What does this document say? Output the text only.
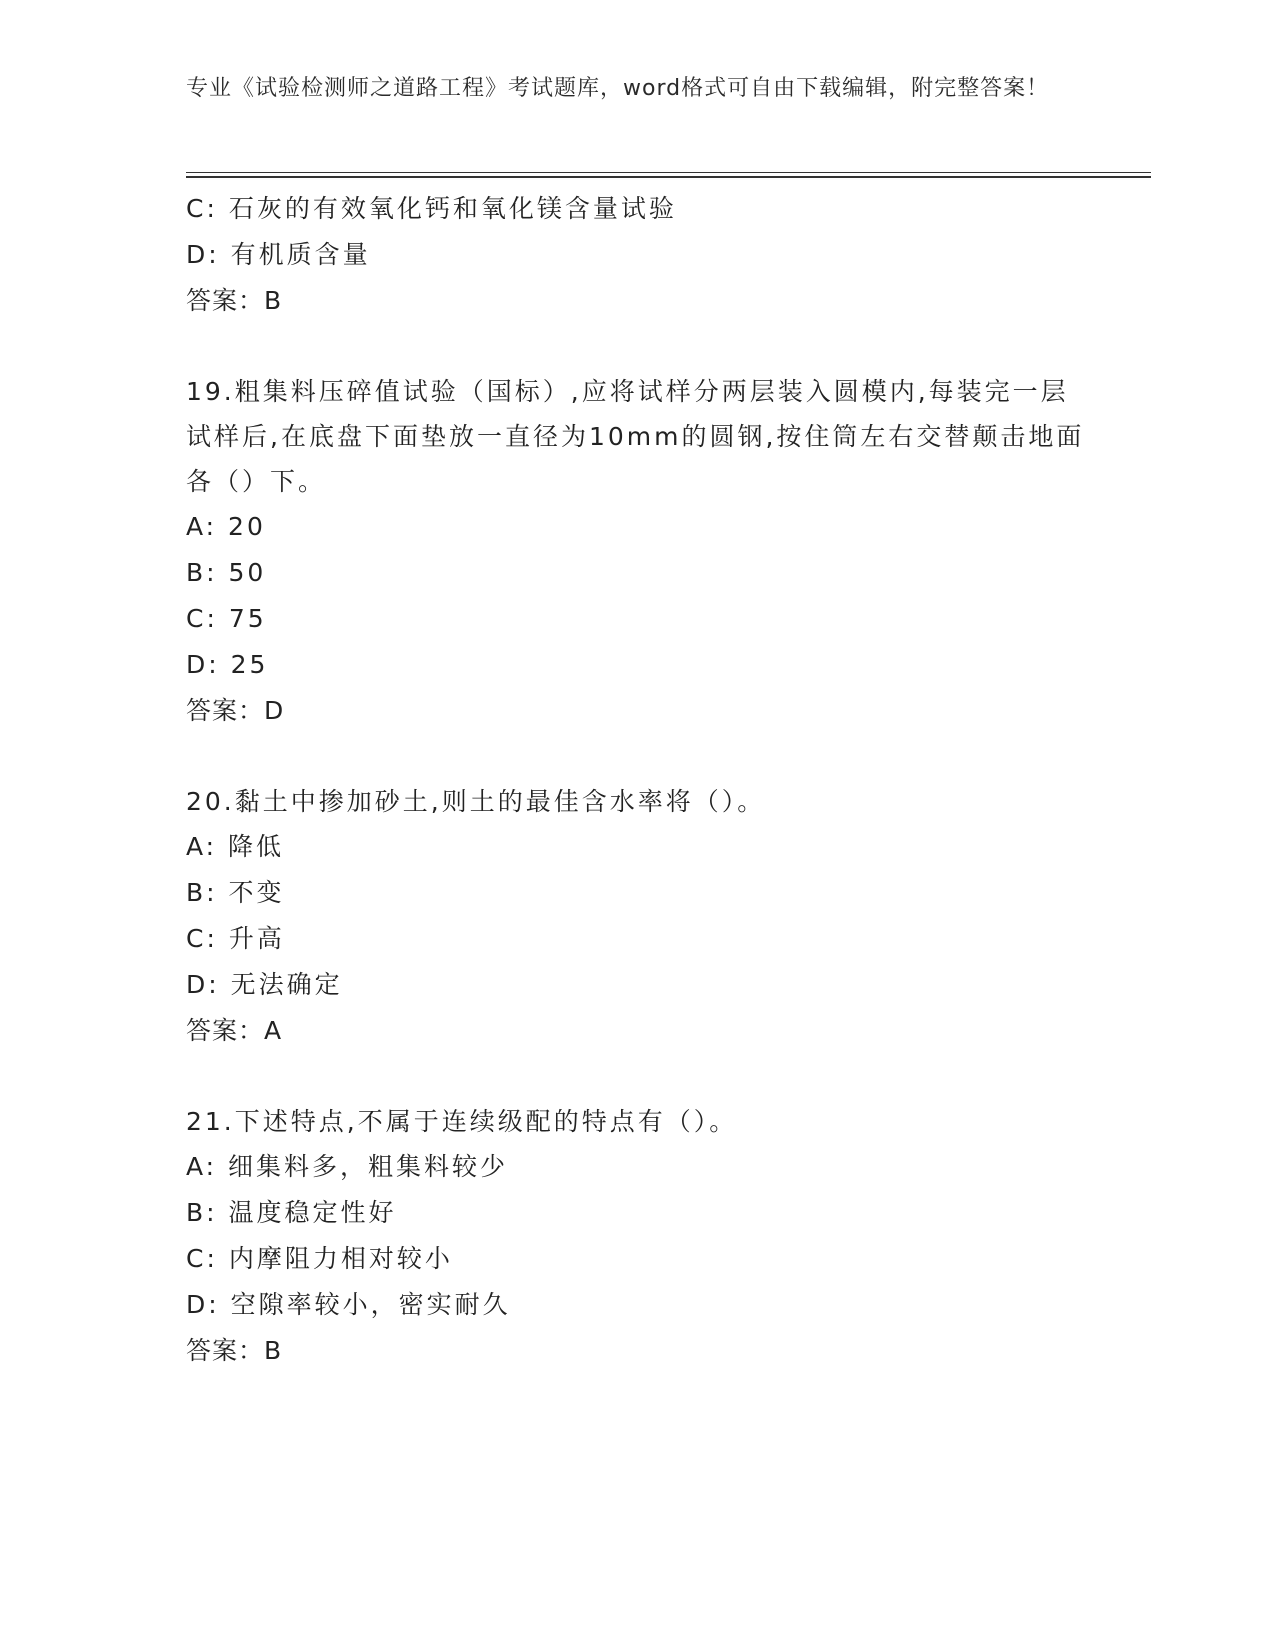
专业《试验检测师之道路工程》考试题库，word格式可自由下载编辑，附完整答案！
C: 石灰的有效氧化钙和氧化镁含量试验
D: 有机质含量
答案：B
19.粗集料压碎值试验（国标）,应将试样分两层装入圆模内,每装完一层试样后,在底盘下面垫放一直径为10mm的圆钢,按住筒左右交替颠击地面各（）下。
A: 20
B: 50
C: 75
D: 25
答案：D
20.黏土中掺加砂土,则土的最佳含水率将（）。
A: 降低
B: 不变
C: 升高
D: 无法确定
答案：A
21.下述特点,不属于连续级配的特点有（）。
A: 细集料多，粗集料较少
B: 温度稳定性好
C: 内摩阻力相对较小
D: 空隙率较小，密实耐久
答案：B
